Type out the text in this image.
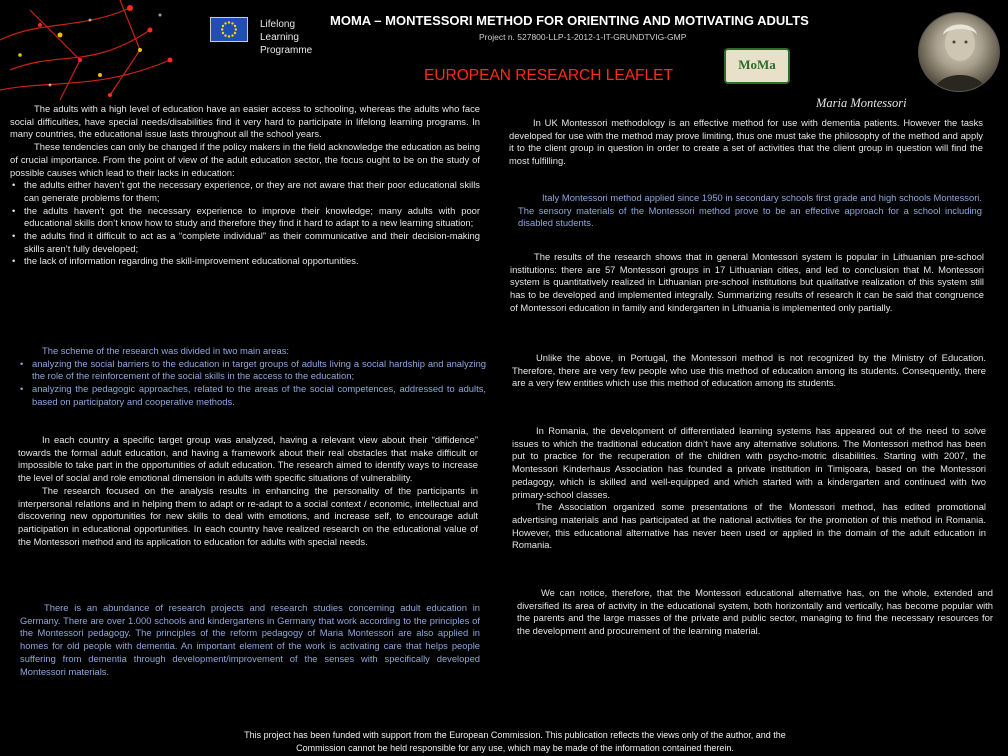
Lifelong
Learning
Programme
MOMA – MONTESSORI METHOD FOR ORIENTING AND MOTIVATING ADULTS
Project n. 527800-LLP-1-2012-1-IT-GRUNDTVIG-GMP
EUROPEAN RESEARCH LEAFLET
MoMa
Maria Montessori

The adults with a high level of education have an easier access to schooling, whereas the adults who face social difficulties, have special needs/disabilities find it very hard to participate in lifelong learning programs. In many countries, the educational issue lasts throughout all the school years.

These tendencies can only be changed if the policy makers in the field acknowledge the education as being of crucial importance. From the point of view of the adult education sector, the focus ought to be on the study of possible causes which lead to their lacks in education:

• the adults either haven’t got the necessary experience, or they are not aware that their poor educational skills can generate problems for them;
• the adults haven’t got the necessary experience to improve their knowledge; many adults with poor educational skills don’t know how to study and therefore they find it hard to adapt to a new learning situation;
• the adults find it difficult to act as a “complete individual” as their communicative and their decision-making skills aren’t fully developed;
• the lack of information regarding the skill-improvement educational opportunities.

The scheme of the research was divided in two main areas:

• analyzing the social barriers to the education in target groups of adults living a social hardship and analyzing the role of the reinforcement of the social skills in the access to the education;
• analyzing the pedagogic approaches, related to the areas of the social competences, addressed to adults, based on participatory and cooperative methods.

In each country a specific target group was analyzed, having a relevant view about their “diffidence” towards the formal adult education, and having a framework about their real obstacles that make difficult or impossible to take part in the opportunities of adult education. The research aimed to identify ways to increase the level of social and role emotional dimension in adults with specific situations of vulnerability.

The research focused on the analysis results in enhancing the personality of the participants in interpersonal relations and in helping them to adapt or re-adapt to a social context / economic, intellectual and discovering new opportunities for new skills to deal with emotions, and increase self, to encourage adult participation in educational opportunities. In each country have realized research on the educational value of the Montessori method and its application to education for adults with special needs.

There is an abundance of research projects and research studies concerning adult education in Germany. There are over 1.000 schools and kindergartens in Germany that work according to the principles of the Montessori pedagogy. The principles of the reform pedagogy of Maria Montessori are also applied in homes for old people with dementia. An important element of the work is activating care that helps people suffering from dementia through development/improvement of the senses with specifically developed Montessori materials.

In UK Montessori methodology is an effective method for use with dementia patients. However the tasks developed for use with the method may prove limiting, thus one must take the philosophy of the method and apply it to the client group in question in order to create a set of activities that the client group in question will find the most fulfilling.

Italy Montessori method applied since 1950 in secondary schools first grade and high schools Montessori. The sensory materials of the Montessori method prove to be an effective approach for a school including disabled students.

The results of the research shows that in general Montessori system is popular in Lithuanian pre-school institutions: there are 57 Montessori groups in 17 Lithuanian cities, and led to conclusion that M. Montessori system is quantitatively realized in Lithuanian pre-school institutions but qualitative realization of this system still has to be developed and implemented integrally. Summarizing results of research it can be said that congruence of Montessori education in family and kindergarten in Lithuania is implemented only partially.

Unlike the above, in Portugal, the Montessori method is not recognized by the Ministry of Education. Therefore, there are very few people who use this method of education among its students. Consequently, there are a very few entities which use this method of education among its students.

In Romania, the development of differentiated learning systems has appeared out of the need to solve issues to which the traditional education didn’t have any alternative solutions. The Montessori method has been put to practice for the recuperation of the children with psycho-motric disabilities. Starting with 2007, the Montessori Kinderhaus Association has founded a private institution in Timişoara, based on the Montessori pedagogy, which is skilled and well-equipped and which started with a kindergarten and continued with two primary-school classes.

The Association organized some presentations of the Montessori method, has edited promotional advertising materials and has participated at the national activities for the promotion of this method in Romania. However, this educational alternative has never been used or applied in the domain of the adult education in Romania.

We can notice, therefore, that the Montessori educational alternative has, on the whole, extended and diversified its area of activity in the educational system, both horizontally and vertically, has become popular with the parents and the large masses of the private and public sector, managing to find the necessary resources for the development and procurement of the learning material.

This project has been funded with support from the European Commission. This publication reflects the views only of the author, and the
Commission cannot be held responsible for any use, which may be made of the information contained therein.
